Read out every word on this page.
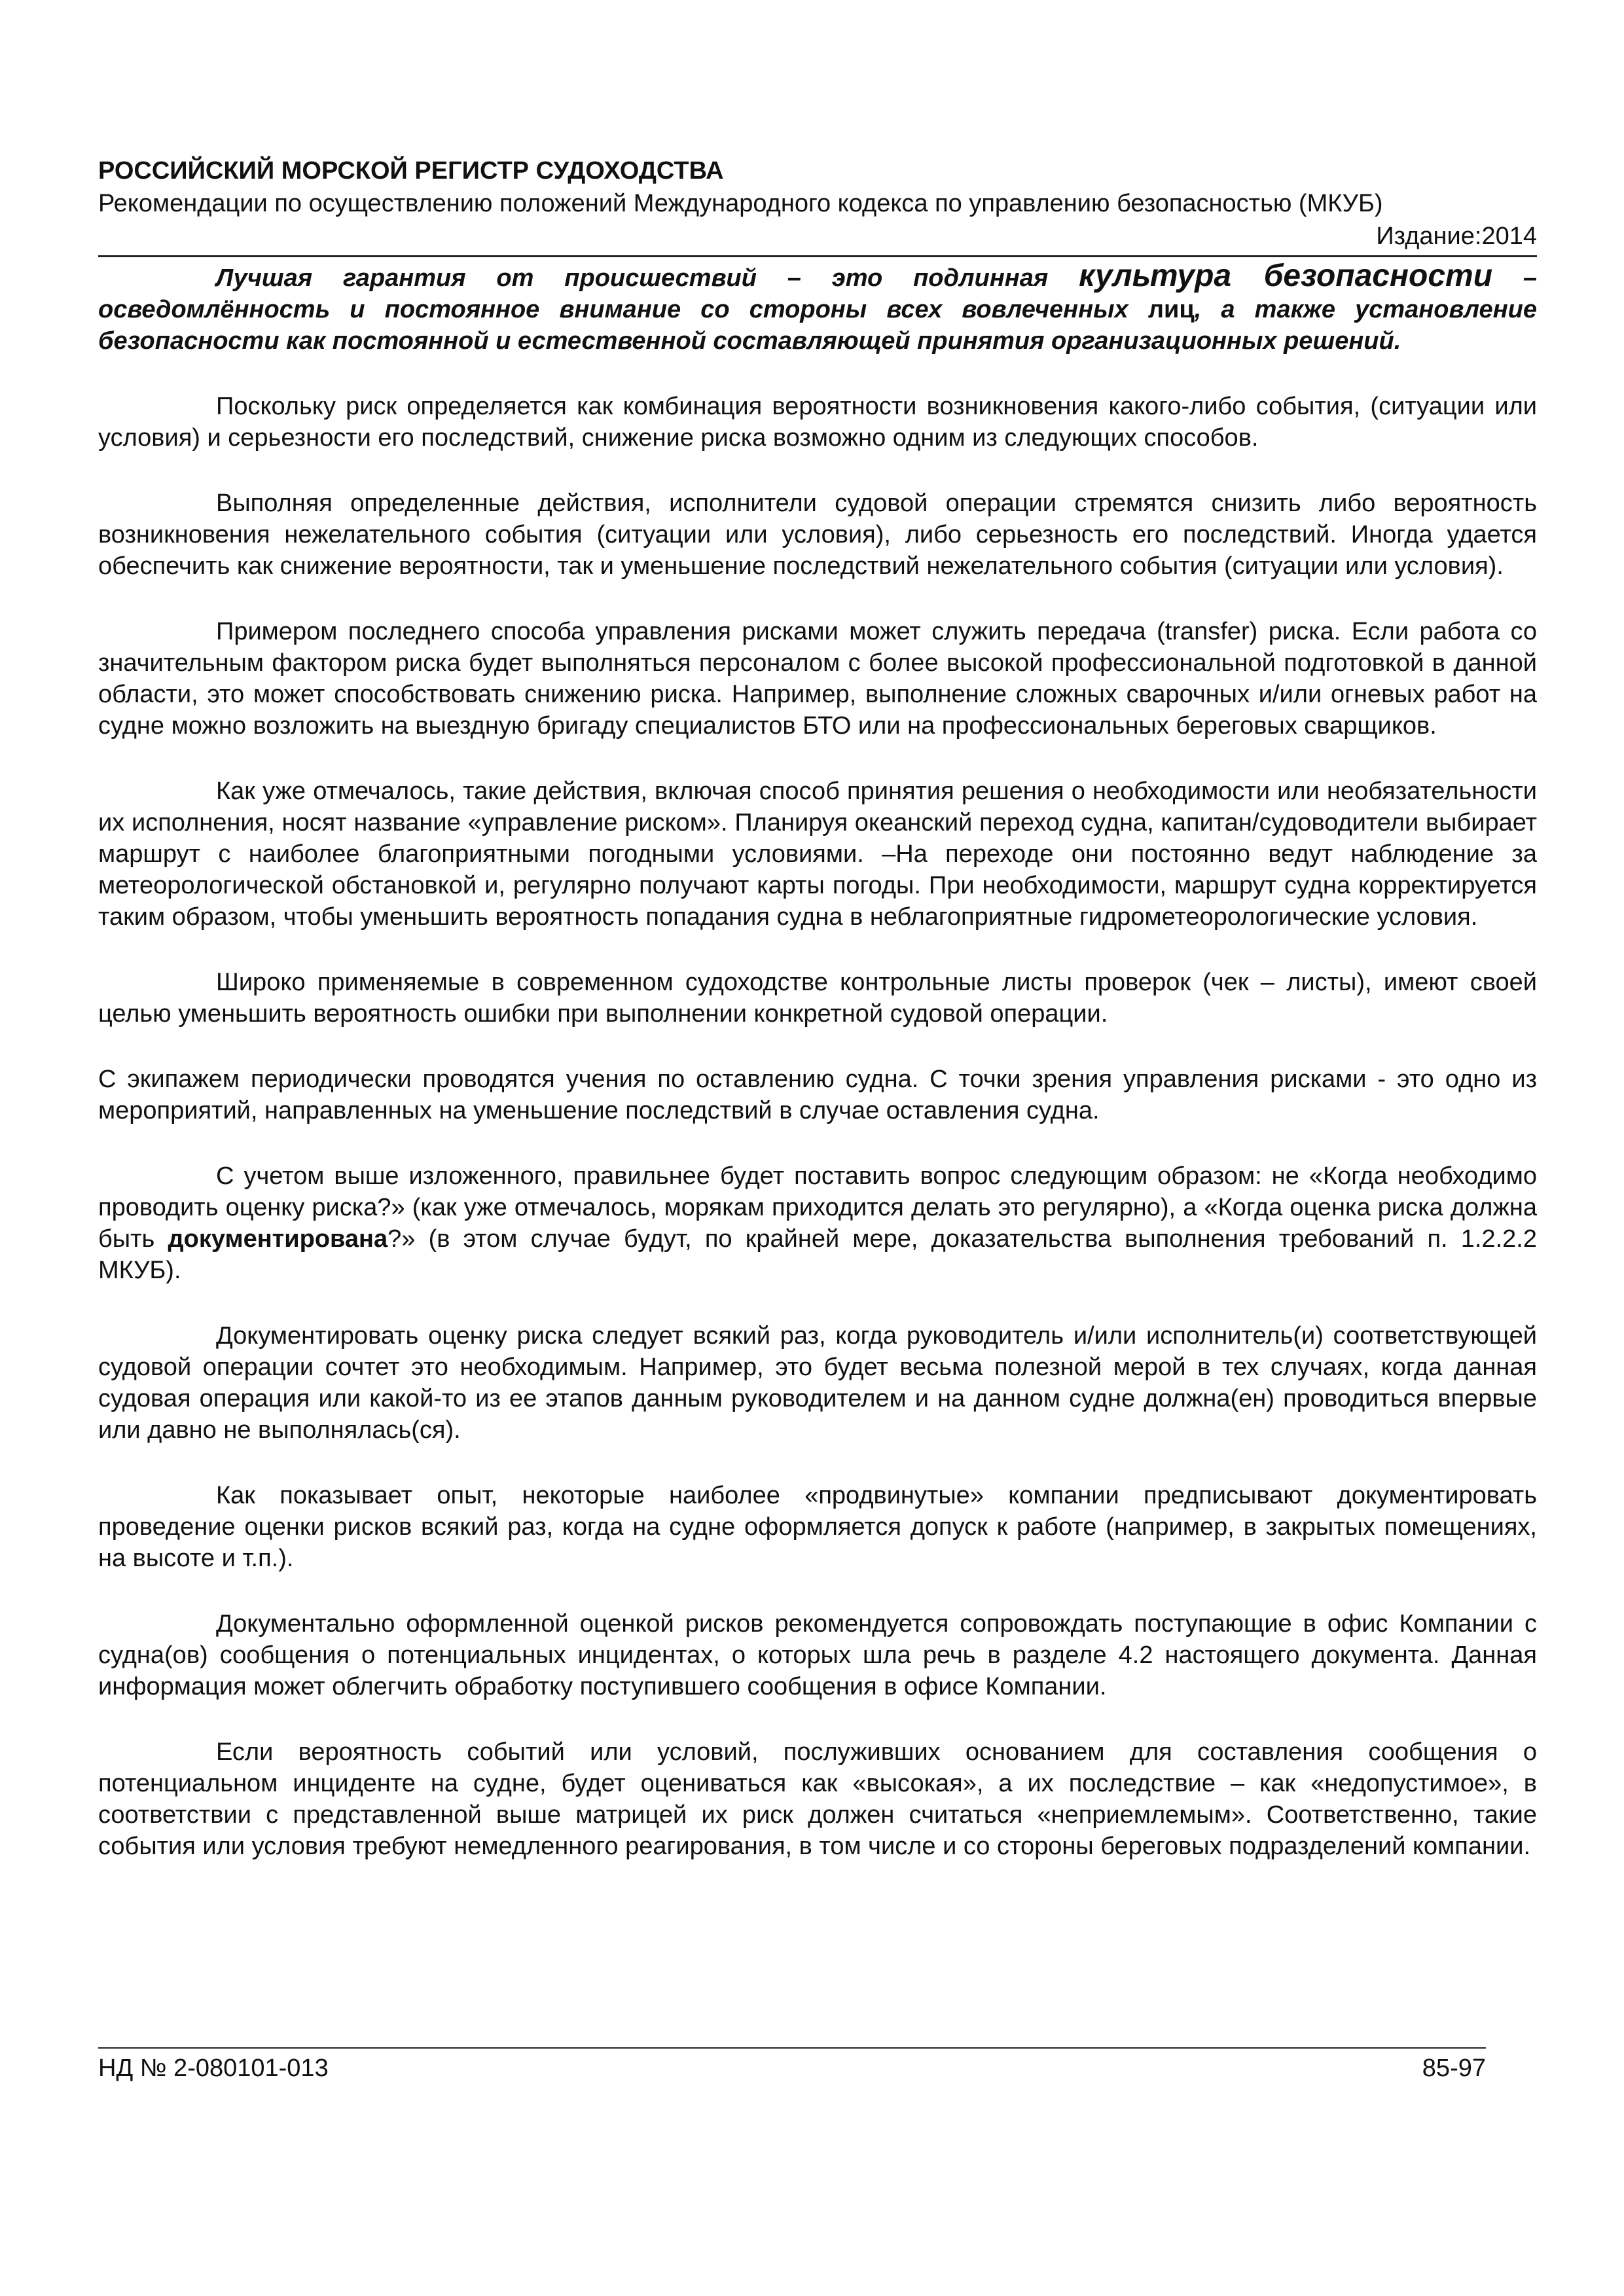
РОССИЙСКИЙ МОРСКОЙ РЕГИСТР СУДОХОДСТВА

Рекомендации по осуществлению положений Международного кодекса по управлению безопасностью (МКУБ)

Издание:2014

Лучшая гарантия от происшествий – это подлинная культура безопасности – осведомлённость и постоянное внимание со стороны всех вовлеченных лиц, а также установление безопасности как постоянной и естественной составляющей принятия организационных решений.

Поскольку риск определяется как комбинация вероятности возникновения какого-либо события, (ситуации или условия) и серьезности его последствий, снижение риска возможно одним из следующих способов.

Выполняя определенные действия, исполнители судовой операции стремятся снизить либо вероятность возникновения нежелательного события (ситуации или условия), либо серьезность его последствий. Иногда удается обеспечить как снижение вероятности, так и уменьшение последствий нежелательного события (ситуации или условия).

Примером последнего способа управления рисками может служить передача (transfer) риска. Если работа со значительным фактором риска будет выполняться персоналом с более высокой профессиональной подготовкой в данной области, это может способствовать снижению риска. Например, выполнение сложных сварочных и/или огневых работ на судне можно возложить на выездную бригаду специалистов БТО или на профессиональных береговых сварщиков.

Как уже отмечалось, такие действия, включая способ принятия решения о необходимости или необязательности их исполнения, носят название «управление риском». Планируя океанский переход судна, капитан/судоводители выбирает маршрут с наиболее благоприятными погодными условиями. –На переходе они постоянно ведут наблюдение за метеорологической обстановкой и, регулярно получают карты погоды. При необходимости, маршрут судна корректируется таким образом, чтобы уменьшить вероятность попадания судна в неблагоприятные гидрометеорологические условия.

Широко применяемые в современном судоходстве контрольные листы проверок (чек – листы), имеют своей целью уменьшить вероятность ошибки при выполнении конкретной судовой операции.

С экипажем периодически проводятся учения по оставлению судна. С точки зрения управления рисками - это одно из мероприятий, направленных на уменьшение последствий в случае оставления судна.

С учетом выше изложенного, правильнее будет поставить вопрос следующим образом: не «Когда необходимо проводить оценку риска?» (как уже отмечалось, морякам приходится делать это регулярно), а «Когда оценка риска должна быть документирована?» (в этом случае будут, по крайней мере, доказательства выполнения требований п. 1.2.2.2 МКУБ).

Документировать оценку риска следует всякий раз, когда руководитель и/или исполнитель(и) соответствующей судовой операции сочтет это необходимым. Например, это будет весьма полезной мерой в тех случаях, когда данная судовая операция или какой-то из ее этапов данным руководителем и на данном судне должна(ен) проводиться впервые или давно не выполнялась(ся).

Как показывает опыт, некоторые наиболее «продвинутые» компании предписывают документировать проведение оценки рисков всякий раз, когда на судне оформляется допуск к работе (например, в закрытых помещениях, на высоте и т.п.).

Документально оформленной оценкой рисков рекомендуется сопровождать поступающие в офис Компании с судна(ов) сообщения о потенциальных инцидентах, о которых шла речь в разделе 4.2 настоящего документа. Данная информация может облегчить обработку поступившего сообщения в офисе Компании.

Если вероятность событий или условий, послуживших основанием для составления сообщения о потенциальном инциденте на судне, будет оцениваться как «высокая», а их последствие – как «недопустимое», в соответствии с представленной выше матрицей их риск должен считаться «неприемлемым». Соответственно, такие события или условия требуют немедленного реагирования, в том числе и со стороны береговых подразделений компании.

НД № 2-080101-013	85-97
